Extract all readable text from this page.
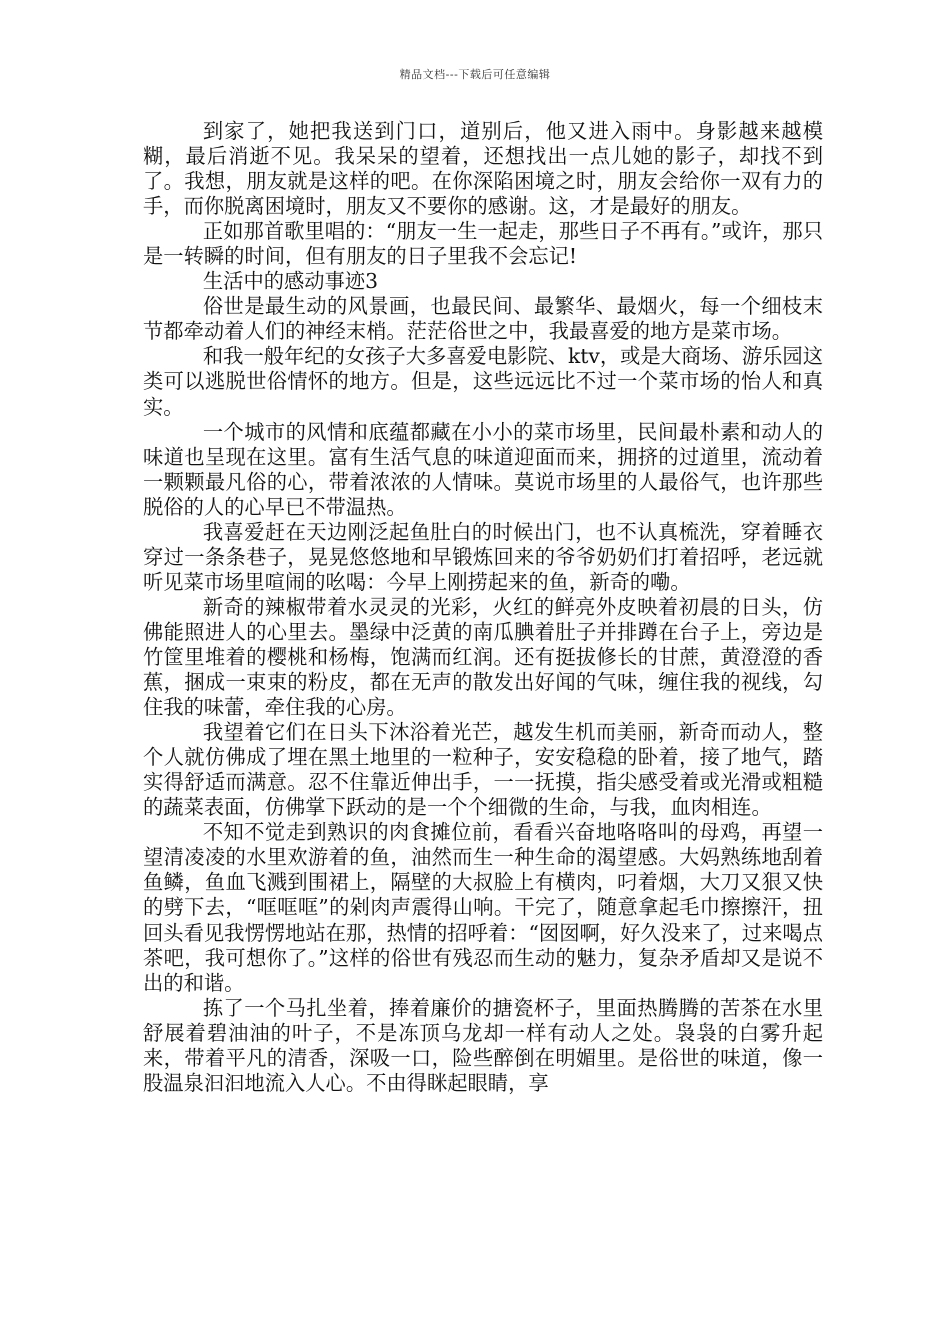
精品文档---下载后可任意编辑

到家了，她把我送到门口，道别后，他又进入雨中。身影越来越模糊，最后消逝不见。我呆呆的望着，还想找出一点儿她的影子，却找不到了。我想，朋友就是这样的吧。在你深陷困境之时，朋友会给你一双有力的手，而你脱离困境时，朋友又不要你的感谢。这，才是最好的朋友。

正如那首歌里唱的：“朋友一生一起走，那些日子不再有。”或许，那只是一转瞬的时间，但有朋友的日子里我不会忘记!

生活中的感动事迹3

俗世是最生动的风景画，也最民间、最繁华、最烟火，每一个细枝末节都牵动着人们的神经末梢。茫茫俗世之中，我最喜爱的地方是菜市场。

和我一般年纪的女孩子大多喜爱电影院、ktv，或是大商场、游乐园这类可以逃脱世俗情怀的地方。但是，这些远远比不过一个菜市场的怡人和真实。

一个城市的风情和底蕴都藏在小小的菜市场里，民间最朴素和动人的味道也呈现在这里。富有生活气息的味道迎面而来，拥挤的过道里，流动着一颗颗最凡俗的心，带着浓浓的人情味。莫说市场里的人最俗气，也许那些脱俗的人的心早已不带温热。

我喜爱赶在天边刚泛起鱼肚白的时候出门，也不认真梳洗，穿着睡衣穿过一条条巷子，晃晃悠悠地和早锻炼回来的爷爷奶奶们打着招呼，老远就听见菜市场里喧闹的吆喝：今早上刚捞起来的鱼，新奇的嘞。

新奇的辣椒带着水灵灵的光彩，火红的鲜亮外皮映着初晨的日头，仿佛能照进人的心里去。墨绿中泛黄的南瓜腆着肚子并排蹲在台子上，旁边是竹筐里堆着的樱桃和杨梅，饱满而红润。还有挺拔修长的甘蔗，黄澄澄的香蕉，捆成一束束的粉皮，都在无声的散发出好闻的气味，缠住我的视线，勾住我的味蕾，牵住我的心房。

我望着它们在日头下沐浴着光芒，越发生机而美丽，新奇而动人，整个人就仿佛成了埋在黑土地里的一粒种子，安安稳稳的卧着，接了地气，踏实得舒适而满意。忍不住靠近伸出手，一一抚摸，指尖感受着或光滑或粗糙的蔬菜表面，仿佛掌下跃动的是一个个细微的生命，与我，血肉相连。

不知不觉走到熟识的肉食摊位前，看看兴奋地咯咯叫的母鸡，再望一望清凌凌的水里欢游着的鱼，油然而生一种生命的渴望感。大妈熟练地刮着鱼鳞，鱼血飞溅到围裙上，隔壁的大叔脸上有横肉，叼着烟，大刀又狠又快的劈下去，“哐哐哐”的剁肉声震得山响。干完了，随意拿起毛巾擦擦汗，扭回头看见我愣愣地站在那，热情的招呼着：“囡囡啊，好久没来了，过来喝点茶吧，我可想你了。”这样的俗世有残忍而生动的魅力，复杂矛盾却又是说不出的和谐。

拣了一个马扎坐着，捧着廉价的搪瓷杯子，里面热腾腾的苦茶在水里舒展着碧油油的叶子，不是冻顶乌龙却一样有动人之处。袅袅的白雾升起来，带着平凡的清香，深吸一口，险些醉倒在明媚里。是俗世的味道，像一股温泉汩汩地流入人心。不由得眯起眼睛，享
